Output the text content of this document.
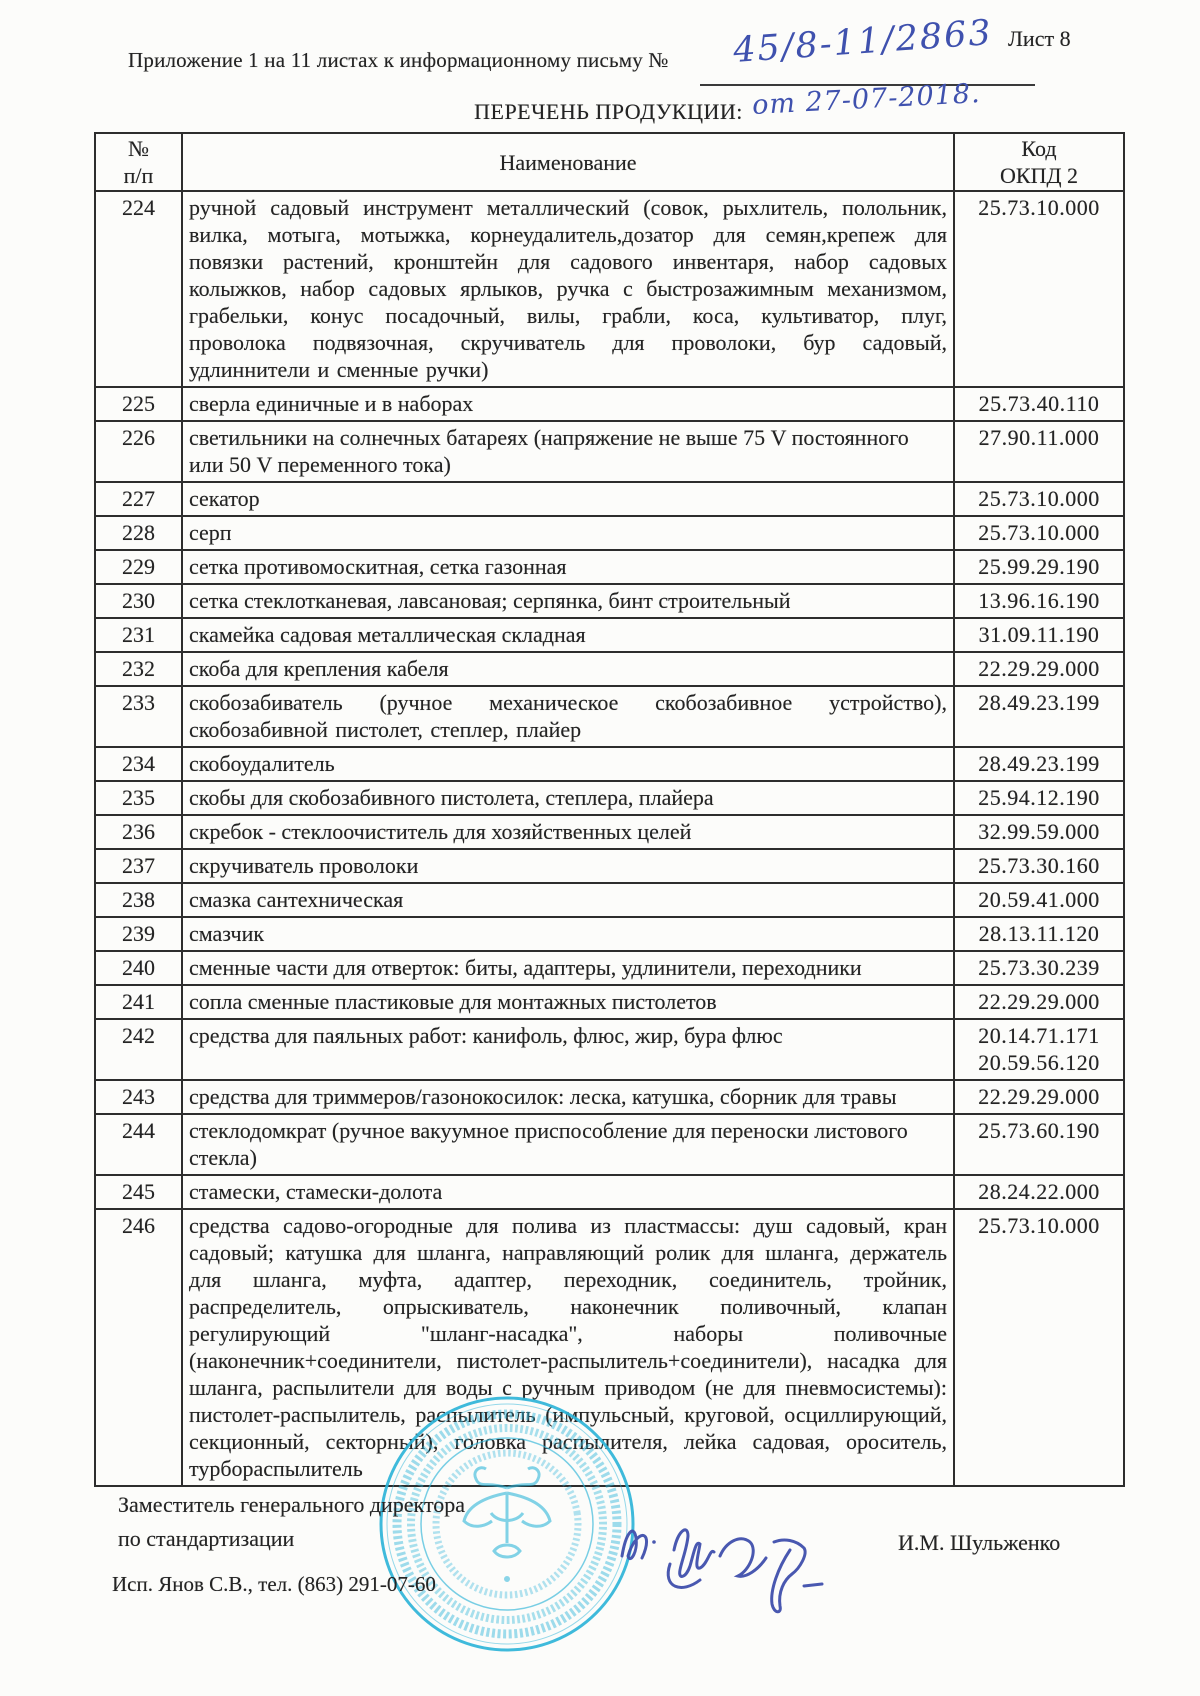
Лист 8
Приложение 1 на 11 листах к информационному письму № 45/8-11/2863
от 27-07-2018.
ПЕРЕЧЕНЬ ПРОДУКЦИИ:
№
п/п
	Наименование	
Код
ОКПД 2

224	ручной садовый инструмент металлический (совок, рыхлитель, полольник, вилка, мотыга, мотыжка, корнеудалитель,дозатор для семян,крепеж для повязки растений, кронштейн для садового инвентаря, набор садовых колыжков, набор садовых ярлыков, ручка с быстрозажимным механизмом, грабельки, конус посадочный, вилы, грабли, коса, культиватор, плуг, проволока подвязочная, скручиватель для проволоки, бур садовый, удлиннители и сменные ручки)	25.73.10.000

225	сверла единичные и в наборах	25.73.40.110

226	светильники на солнечных батареях (напряжение не выше 75 V постоянного или 50 V переменного тока)	27.90.11.000

227	секатор	25.73.10.000

228	серп	25.73.10.000

229	сетка противомоскитная, сетка газонная	25.99.29.190

230	сетка стеклотканевая, лавсановая; серпянка, бинт строительный	13.96.16.190

231	скамейка садовая металлическая складная	31.09.11.190

232	скоба для крепления кабеля	22.29.29.000

233	скобозабиватель (ручное механическое скобозабивное устройство), скобозабивной пистолет, степлер, плайер	28.49.23.199

234	скобоудалитель	28.49.23.199

235	скобы для скобозабивного пистолета, степлера, плайера	25.94.12.190

236	скребок - стеклоочиститель для хозяйственных целей	32.99.59.000

237	скручиватель проволоки	25.73.30.160

238	смазка сантехническая	20.59.41.000

239	смазчик	28.13.11.120

240	сменные части для отверток: биты, адаптеры, удлинители, переходники	25.73.30.239

241	сопла сменные пластиковые для монтажных пистолетов	22.29.29.000

242	средства для паяльных работ: канифоль, флюс, жир, бура флюс	20.14.71.171
20.59.56.120

243	средства для триммеров/газонокосилок: леска, катушка, сборник для травы	22.29.29.000

244	стеклодомкрат (ручное вакуумное приспособление для переноски листового стекла)	25.73.60.190

245	стамески, стамески-долота	28.24.22.000

246	средства садово-огородные для полива из пластмассы: душ садовый, кран садовый; катушка для шланга, направляющий ролик для шланга, держатель для шланга, муфта, адаптер, переходник, соединитель, тройник, распределитель, опрыскиватель, наконечник поливочный, клапан регулирующий "шланг-насадка", наборы поливочные (наконечник+соединители, пистолет-распылитель+соединители), насадка для шланга, распылители для воды с ручным приводом (не для пневмосистемы): пистолет-распылитель, распылитель (импульсный, круговой, осциллирующий, секционный, секторный), головка распылителя, лейка садовая, ороситель, турбораспылитель	25.73.10.000
Заместитель генерального директора
по стандартизации	И.М. Шульженко
Исп. Янов С.В., тел. (863) 291-07-60
